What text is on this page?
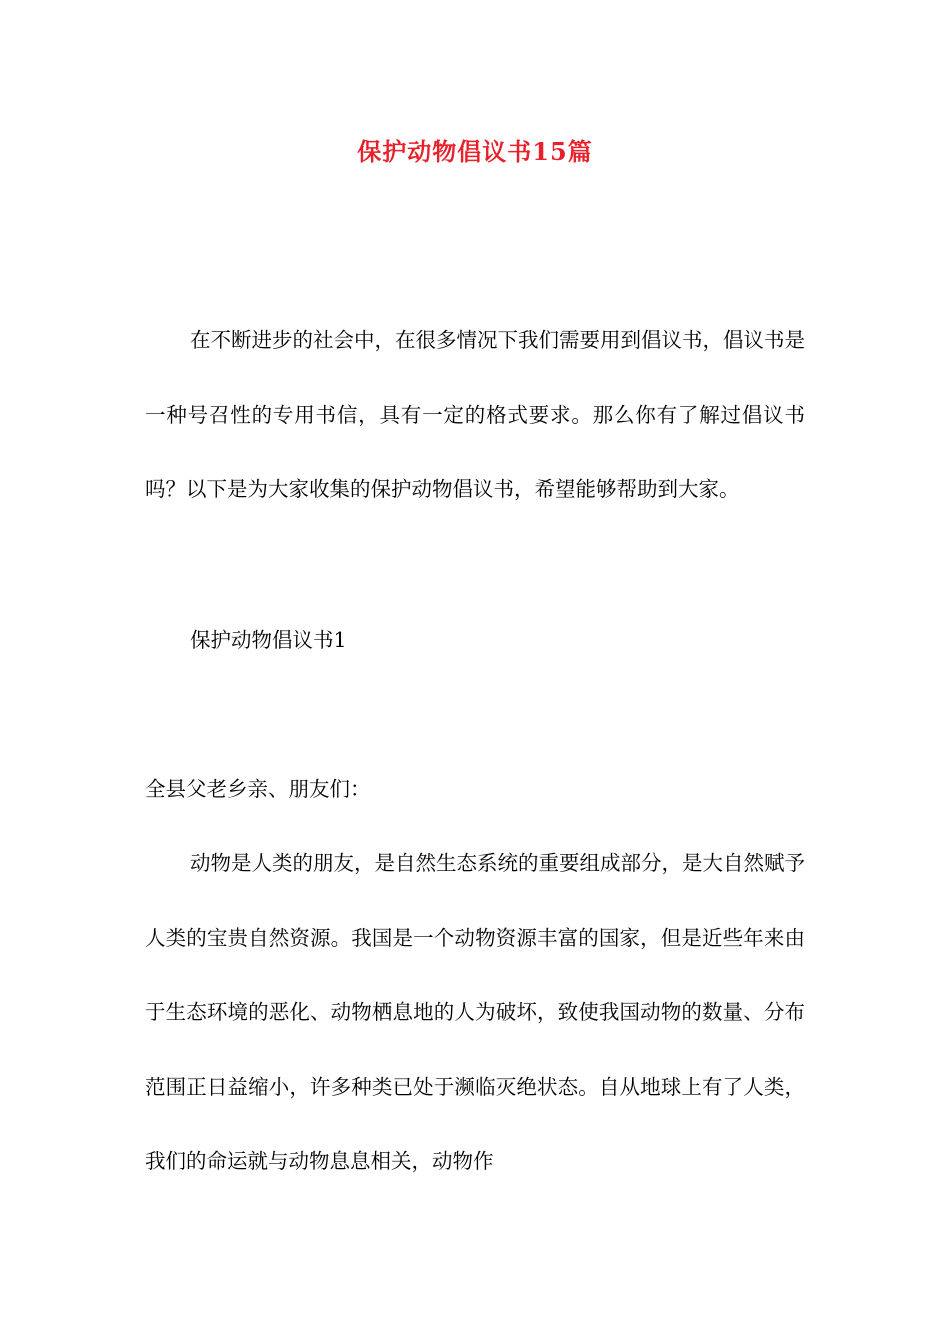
保护动物倡议书15篇
在不断进步的社会中，在很多情况下我们需要用到倡议书，倡议书是一种号召性的专用书信，具有一定的格式要求。那么你有了解过倡议书吗？以下是为大家收集的保护动物倡议书，希望能够帮助到大家。
保护动物倡议书1
全县父老乡亲、朋友们：
动物是人类的朋友，是自然生态系统的重要组成部分，是大自然赋予人类的宝贵自然资源。我国是一个动物资源丰富的国家，但是近些年来由于生态环境的恶化、动物栖息地的人为破坏，致使我国动物的数量、分布范围正日益缩小，许多种类已处于濒临灭绝状态。自从地球上有了人类，我们的命运就与动物息息相关，动物作
